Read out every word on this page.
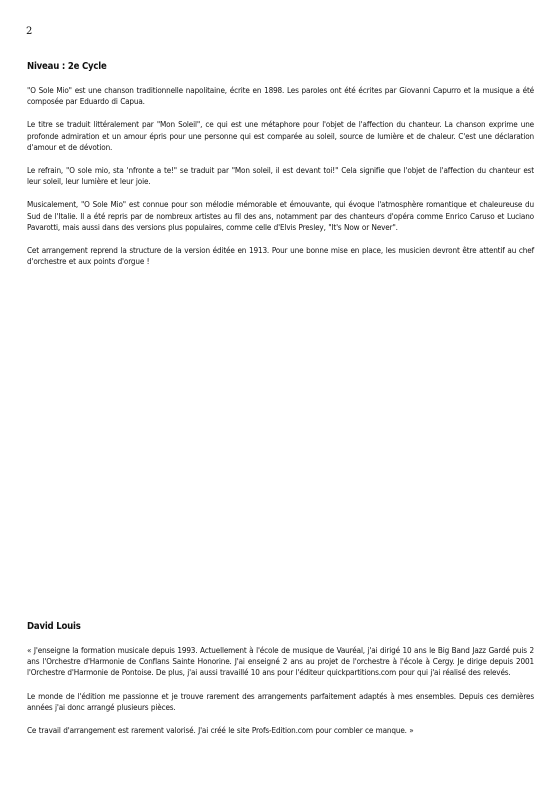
2
Niveau : 2e Cycle

"O Sole Mio" est une chanson traditionnelle napolitaine, écrite en 1898. Les paroles ont été écrites par Giovanni Capurro et la musique a été composée par Eduardo di Capua.

Le titre se traduit littéralement par "Mon Soleil", ce qui est une métaphore pour l'objet de l'affection du chanteur. La chanson exprime une profonde admiration et un amour épris pour une personne qui est comparée au soleil, source de lumière et de chaleur. C'est une déclaration d'amour et de dévotion.

Le refrain, "O sole mio, sta 'nfronte a te!" se traduit par "Mon soleil, il est devant toi!" Cela signifie que l'objet de l'affection du chanteur est leur soleil, leur lumière et leur joie.

Musicalement, "O Sole Mio" est connue pour son mélodie mémorable et émouvante, qui évoque l'atmosphère romantique et chaleureuse du Sud de l'Italie. Il a été repris par de nombreux artistes au fil des ans, notamment par des chanteurs d'opéra comme Enrico Caruso et Luciano Pavarotti, mais aussi dans des versions plus populaires, comme celle d'Elvis Presley, "It's Now or Never".

Cet arrangement reprend la structure de la version éditée en 1913. Pour une bonne mise en place, les musicien devront être attentif au chef d'orchestre et aux points d'orgue !

David Louis

« J'enseigne la formation musicale depuis 1993. Actuellement à l'école de musique de Vauréal, j'ai dirigé 10 ans le Big Band Jazz Gardé puis 2 ans l'Orchestre d'Harmonie de Conflans Sainte Honorine. J'ai enseigné 2 ans au projet de l'orchestre à l'école à Cergy. Je dirige depuis 2001 l'Orchestre d'Harmonie de Pontoise. De plus, j'ai aussi travaillé 10 ans pour l'éditeur quickpartitions.com pour qui j'ai réalisé des relevés.

Le monde de l'édition me passionne et je trouve rarement des arrangements parfaitement adaptés à mes ensembles. Depuis ces dernières années j'ai donc arrangé plusieurs pièces.

Ce travail d'arrangement est rarement valorisé. J'ai créé le site Profs-Edition.com pour combler ce manque. »
